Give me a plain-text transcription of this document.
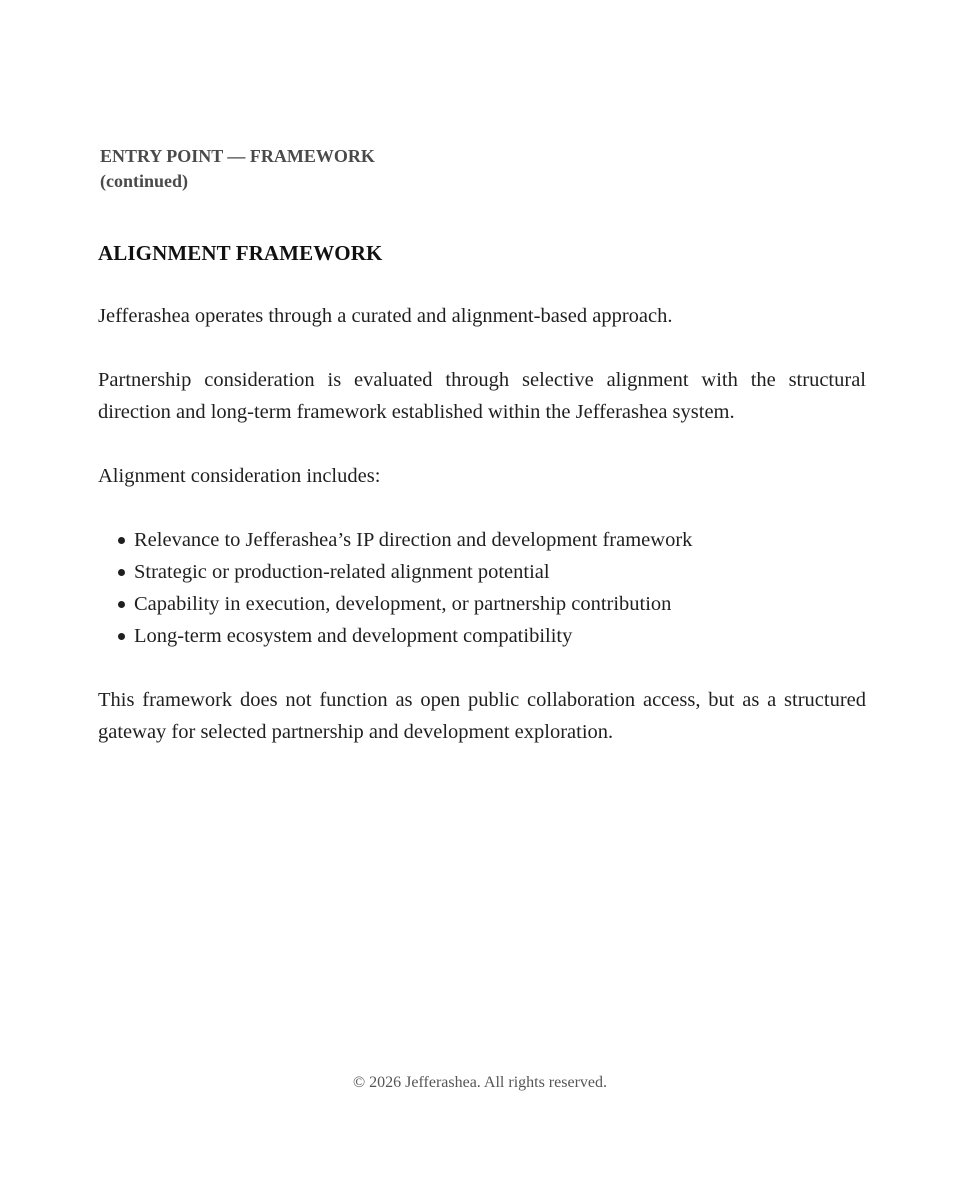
ENTRY POINT — FRAMEWORK
(continued)
ALIGNMENT FRAMEWORK

Jefferashea operates through a curated and alignment-based approach.

Partnership consideration is evaluated through selective alignment with the structural direction and long-term framework established within the Jefferashea system.

Alignment consideration includes:

Relevance to Jefferashea’s IP direction and development framework
Strategic or production-related alignment potential
Capability in execution, development, or partnership contribution
Long-term ecosystem and development compatibility

This framework does not function as open public collaboration access, but as a structured gateway for selected partnership and development exploration.

© 2026 Jefferashea. All rights reserved.
